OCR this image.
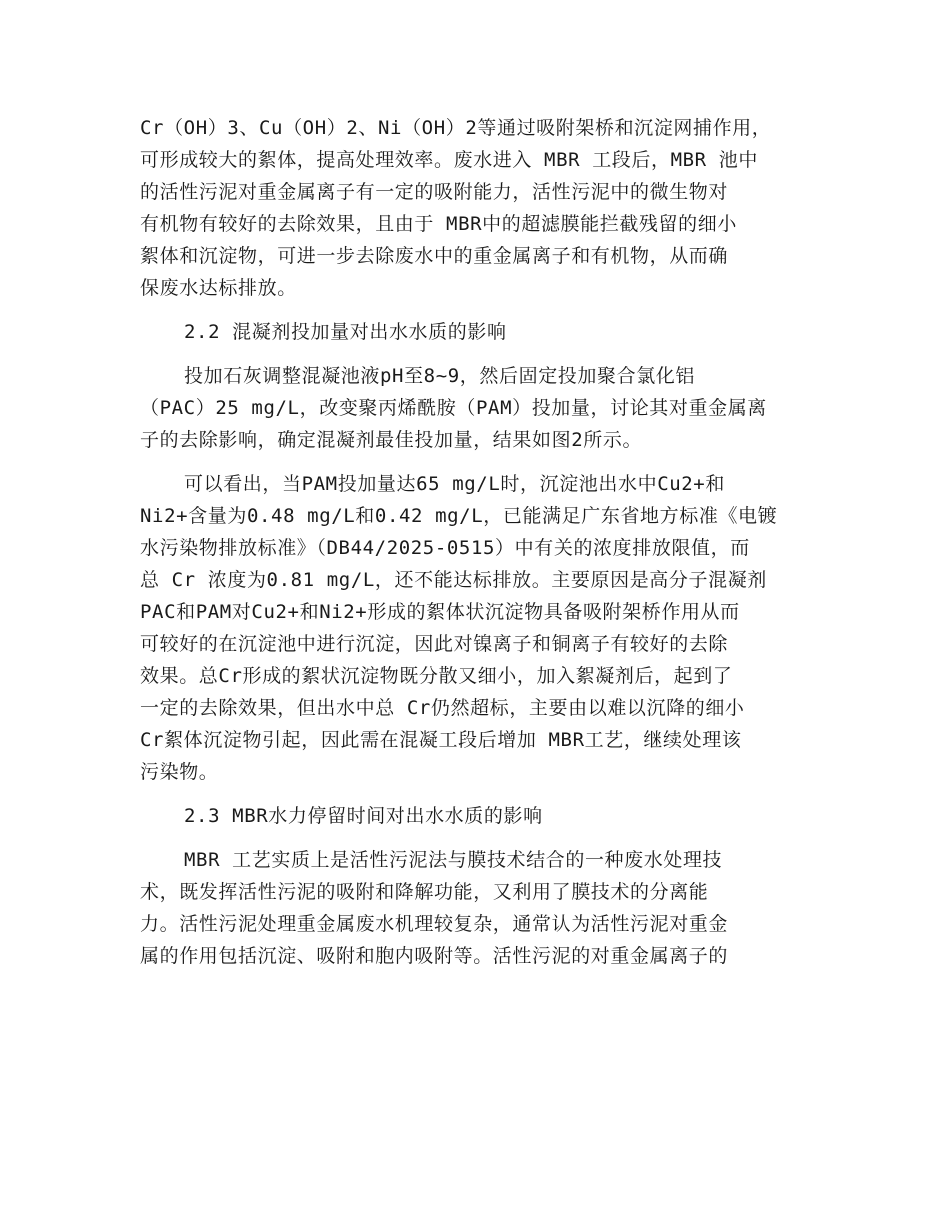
Cr（OH）3、Cu（OH）2、Ni（OH）2等通过吸附架桥和沉淀网捕作用，
可形成较大的絮体，提高处理效率。废水进入 MBR 工段后，MBR 池中
的活性污泥对重金属离子有一定的吸附能力，活性污泥中的微生物对
有机物有较好的去除效果，且由于 MBR中的超滤膜能拦截残留的细小
絮体和沉淀物，可进一步去除废水中的重金属离子和有机物，从而确
保废水达标排放。
2.2 混凝剂投加量对出水水质的影响
投加石灰调整混凝池液pH至8~9，然后固定投加聚合氯化铝
（PAC）25 mg/L，改变聚丙烯酰胺（PAM）投加量，讨论其对重金属离
子的去除影响，确定混凝剂最佳投加量，结果如图2所示。
可以看出，当PAM投加量达65 mg/L时，沉淀池出水中Cu2+和
Ni2+含量为0.48 mg/L和0.42 mg/L，已能满足广东省地方标准《电镀
水污染物排放标准》（DB44/2025-0515）中有关的浓度排放限值，而
总 Cr 浓度为0.81 mg/L，还不能达标排放。主要原因是高分子混凝剂
PAC和PAM对Cu2+和Ni2+形成的絮体状沉淀物具备吸附架桥作用从而
可较好的在沉淀池中进行沉淀，因此对镍离子和铜离子有较好的去除
效果。总Cr形成的絮状沉淀物既分散又细小，加入絮凝剂后，起到了
一定的去除效果，但出水中总 Cr仍然超标，主要由以难以沉降的细小
Cr絮体沉淀物引起，因此需在混凝工段后增加 MBR工艺，继续处理该
污染物。
2.3 MBR水力停留时间对出水水质的影响
MBR 工艺实质上是活性污泥法与膜技术结合的一种废水处理技
术，既发挥活性污泥的吸附和降解功能，又利用了膜技术的分离能
力。活性污泥处理重金属废水机理较复杂，通常认为活性污泥对重金
属的作用包括沉淀、吸附和胞内吸附等。活性污泥的对重金属离子的
